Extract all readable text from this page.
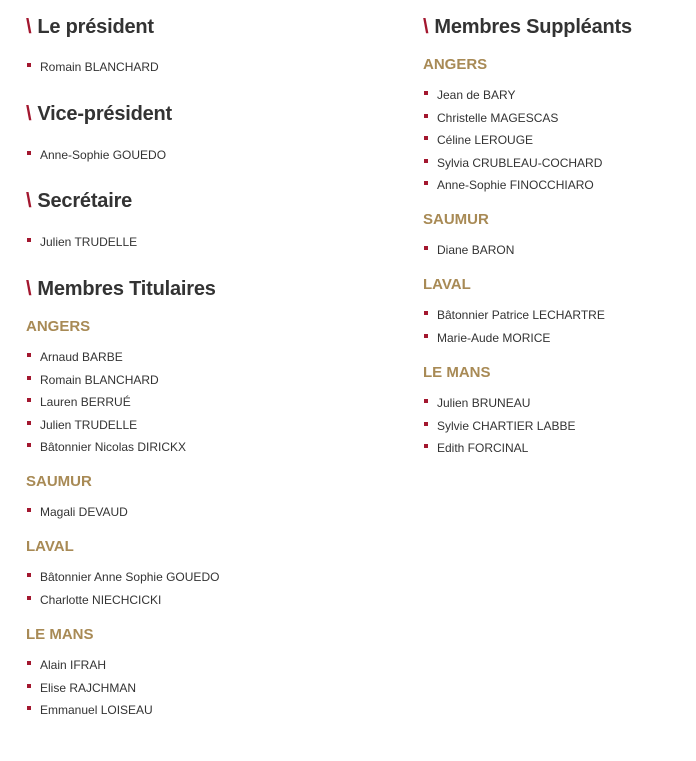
\ Le président
Romain BLANCHARD
\ Vice-président
Anne-Sophie GOUEDO
\ Secrétaire
Julien TRUDELLE
\ Membres Titulaires
ANGERS
Arnaud BARBE
Romain BLANCHARD
Lauren BERRUÉ
Julien TRUDELLE
Bâtonnier Nicolas DIRICKX
SAUMUR
Magali DEVAUD
LAVAL
Bâtonnier Anne Sophie GOUEDO
Charlotte NIECHCICKI
LE MANS
Alain IFRAH
Elise RAJCHMAN
Emmanuel LOISEAU
\ Membres Suppléants
ANGERS
Jean de BARY
Christelle MAGESCAS
Céline LEROUGE
Sylvia CRUBLEAU-COCHARD
Anne-Sophie FINOCCHIARO
SAUMUR
Diane BARON
LAVAL
Bâtonnier Patrice LECHARTRE
Marie-Aude MORICE
LE MANS
Julien BRUNEAU
Sylvie CHARTIER LABBE
Edith FORCINAL
